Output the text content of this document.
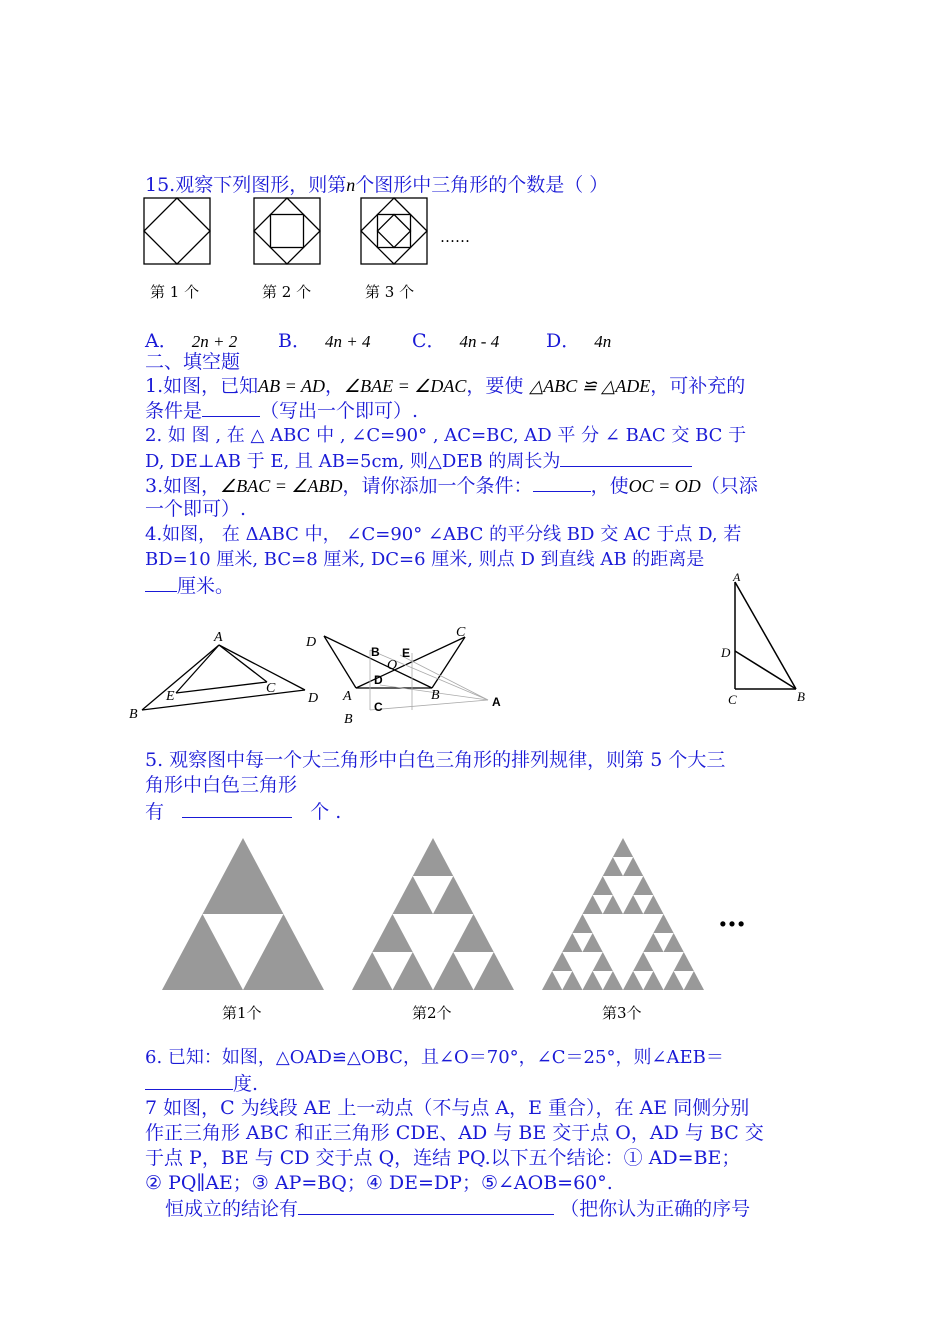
15.观察下列图形，则第n个图形中三角形的个数是（ ）
……
第 1 个	第 2 个	第 3 个
A． 2n + 2 B． 4n + 4 C． 4n - 4 D． 4n
二、填空题
1.如图，已知AB = AD，∠BAE = ∠DAC，要使 △ABC ≌ △ADE，可补充的
条件是	（写出一个即可）.
2. 如 图 , 在 △ ABC 中 , ∠C=90° , AC=BC, AD 平 分 ∠ BAC 交 BC 于
D, DE⊥AB 于 E, 且 AB=5cm, 则△DEB 的周长为
3.如图，∠BAC = ∠ABD，请你添加一个条件：	，使OC = OD（只添
一个即可）.
4.如图， 在 ΔABC 中， ∠C=90° ∠ABC 的平分线 BD 交 AC 于点 D, 若
BD=10 厘米, BC=8 厘米, DC=6 厘米, 则点 D 到直线 AB 的距离是
厘米。
A
B
C
D
E
D
C
B E
O
D
A	B
B
C	A
A
D
C	B
5. 观察图中每一个大三角形中白色三角形的排列规律，则第 5 个大三
角形中白色三角形
有	个 .
…
第1个	第2个	第3个
6. 已知：如图，△OAD≌△OBC，且∠O＝70°，∠C＝25°，则∠AEB＝
度.
7 如图，C 为线段 AE 上一动点（不与点 A，E 重合），在 AE 同侧分别
作正三角形 ABC 和正三角形 CDE、AD 与 BE 交于点 O，AD 与 BC 交
于点 P，BE 与 CD 交于点 Q，连结 PQ.以下五个结论：① AD=BE；
② PQ∥AE；③ AP=BQ；④ DE=DP；⑤∠AOB=60°.
恒成立的结论有	（把你认为正确的序号
